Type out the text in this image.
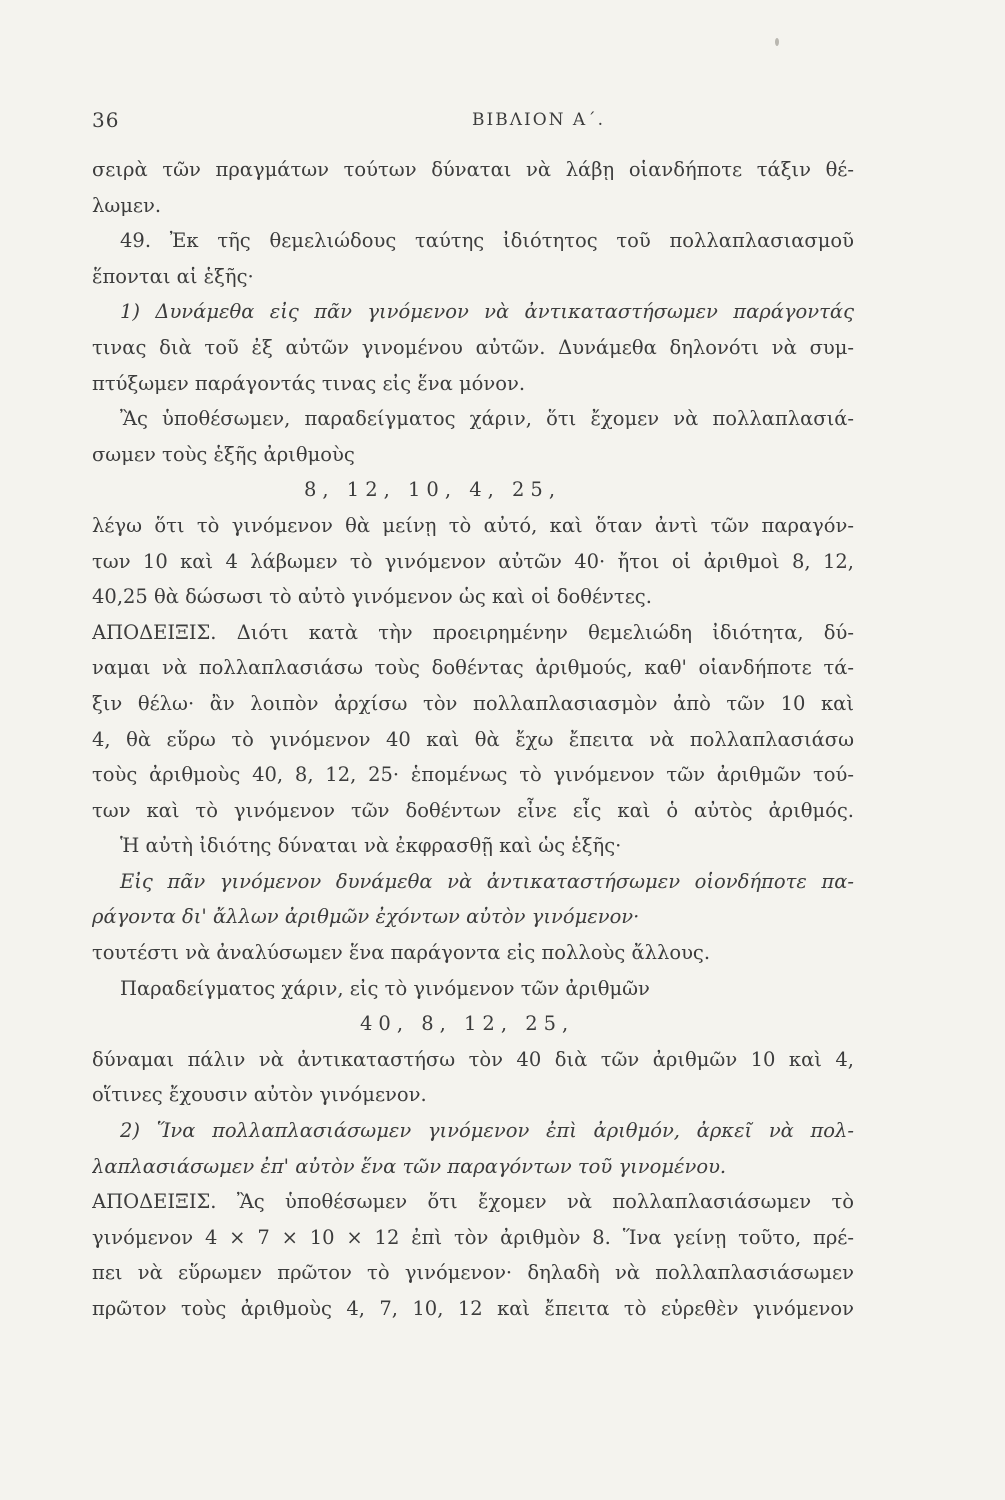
36	ΒΙΒΛΙΟΝ Α΄.
σειρὰ τῶν πραγμάτων τούτων δύναται νὰ λάβῃ οἱανδήποτε τάξιν θέ-
λωμεν.
49. Ἐκ τῆς θεμελιώδους ταύτης ἰδιότητος τοῦ πολλαπλασιασμοῦ
ἕπονται αἱ ἑξῆς·
1) Δυνάμεθα εἰς πᾶν γινόμενον νὰ ἀντικαταστήσωμεν παράγοντάς
τινας διὰ τοῦ ἐξ αὐτῶν γινομένου αὐτῶν. Δυνάμεθα δηλονότι νὰ συμ-
πτύξωμεν παράγοντάς τινας εἰς ἕνα μόνον.
Ἂς ὑποθέσωμεν, παραδείγματος χάριν, ὅτι ἔχομεν νὰ πολλαπλασιά-
σωμεν τοὺς ἑξῆς ἀριθμοὺς
8, 12, 10, 4, 25,
λέγω ὅτι τὸ γινόμενον θὰ μείνῃ τὸ αὐτό, καὶ ὅταν ἀντὶ τῶν παραγόν-
των 10 καὶ 4 λάβωμεν τὸ γινόμενον αὐτῶν 40· ἤτοι οἱ ἀριθμοὶ 8, 12,
40,25 θὰ δώσωσι τὸ αὐτὸ γινόμενον ὡς καὶ οἱ δοθέντες.
ΑΠΟΔΕΙΞΙΣ. Διότι κατὰ τὴν προειρημένην θεμελιώδη ἰδιότητα, δύ-
ναμαι νὰ πολλαπλασιάσω τοὺς δοθέντας ἀριθμούς, καθ' οἱανδήποτε τά-
ξιν θέλω· ἂν λοιπὸν ἀρχίσω τὸν πολλαπλασιασμὸν ἀπὸ τῶν 10 καὶ
4, θὰ εὕρω τὸ γινόμενον 40 καὶ θὰ ἔχω ἔπειτα νὰ πολλαπλασιάσω
τοὺς ἀριθμοὺς 40, 8, 12, 25· ἑπομένως τὸ γινόμενον τῶν ἀριθμῶν τού-
των καὶ τὸ γινόμενον τῶν δοθέντων εἶνε εἷς καὶ ὁ αὐτὸς ἀριθμός.
Ἡ αὐτὴ ἰδιότης δύναται νὰ ἐκφρασθῇ καὶ ὡς ἑξῆς·
Εἰς πᾶν γινόμενον δυνάμεθα νὰ ἀντικαταστήσωμεν οἱονδήποτε πα-
ράγοντα δι' ἄλλων ἀριθμῶν ἐχόντων αὐτὸν γινόμενον·
τουτέστι νὰ ἀναλύσωμεν ἕνα παράγοντα εἰς πολλοὺς ἄλλους.
Παραδείγματος χάριν, εἰς τὸ γινόμενον τῶν ἀριθμῶν
40, 8, 12, 25,
δύναμαι πάλιν νὰ ἀντικαταστήσω τὸν 40 διὰ τῶν ἀριθμῶν 10 καὶ 4,
οἵτινες ἔχουσιν αὐτὸν γινόμενον.
2) Ἵνα πολλαπλασιάσωμεν γινόμενον ἐπὶ ἀριθμόν, ἀρκεῖ νὰ πολ-
λαπλασιάσωμεν ἐπ' αὐτὸν ἕνα τῶν παραγόντων τοῦ γινομένου.
ΑΠΟΔΕΙΞΙΣ. Ἂς ὑποθέσωμεν ὅτι ἔχομεν νὰ πολλαπλασιάσωμεν τὸ
γινόμενον 4 × 7 × 10 × 12 ἐπὶ τὸν ἀριθμὸν 8. Ἵνα γείνῃ τοῦτο, πρέ-
πει νὰ εὕρωμεν πρῶτον τὸ γινόμενον· δηλαδὴ νὰ πολλαπλασιάσωμεν
πρῶτον τοὺς ἀριθμοὺς 4, 7, 10, 12 καὶ ἔπειτα τὸ εὑρεθὲν γινόμενον
